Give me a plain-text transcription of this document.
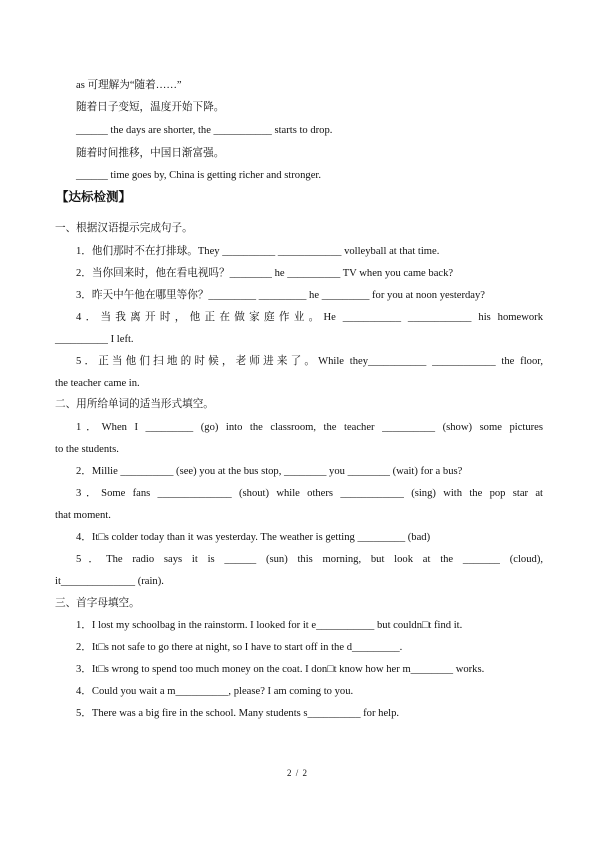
as 可理解为“随着……”
随着日子变短，温度开始下降。
______ the days are shorter, the ___________ starts to drop.
随着时间推移，中国日渐富强。
______ time goes by, China is getting richer and stronger.
【达标检测】
一、根据汉语提示完成句子。
1．他们那时不在打排球。They __________ ____________ volleyball at that time.
2．当你回来时，他在看电视吗？________ he __________ TV when you came back?
3．昨天中午他在哪里等你？_________ _________ he _________ for you at noon yesterday?
4．当我离开时，他正在做家庭作业。He ___________ ____________ his homework
__________ I left.
5．正当他们扫地的时候，老师进来了。While they___________ ____________ the floor,
the teacher came in.
二、用所给单词的适当形式填空。
1．When I _________ (go) into the classroom, the teacher __________ (show) some pictures
to the students.
2．Millie __________ (see) you at the bus stop, ________ you ________ (wait) for a bus?
3．Some fans ______________ (shout) while others ____________ (sing) with the pop star at
that moment.
4．It□s colder today than it was yesterday. The weather is getting _________ (bad)
5．The radio says it is ______ (sun) this morning, but look at the _______ (cloud),
it______________ (rain).
三、首字母填空。
1．I lost my schoolbag in the rainstorm. I looked for it e___________ but couldn□t find it.
2．It□s not safe to go there at night, so I have to start off in the d_________.
3．It□s wrong to spend too much money on the coat. I don□t know how her m________ works.
4．Could you wait a m__________, please? I am coming to you.
5．There was a big fire in the school. Many students s__________ for help.
2 / 2
